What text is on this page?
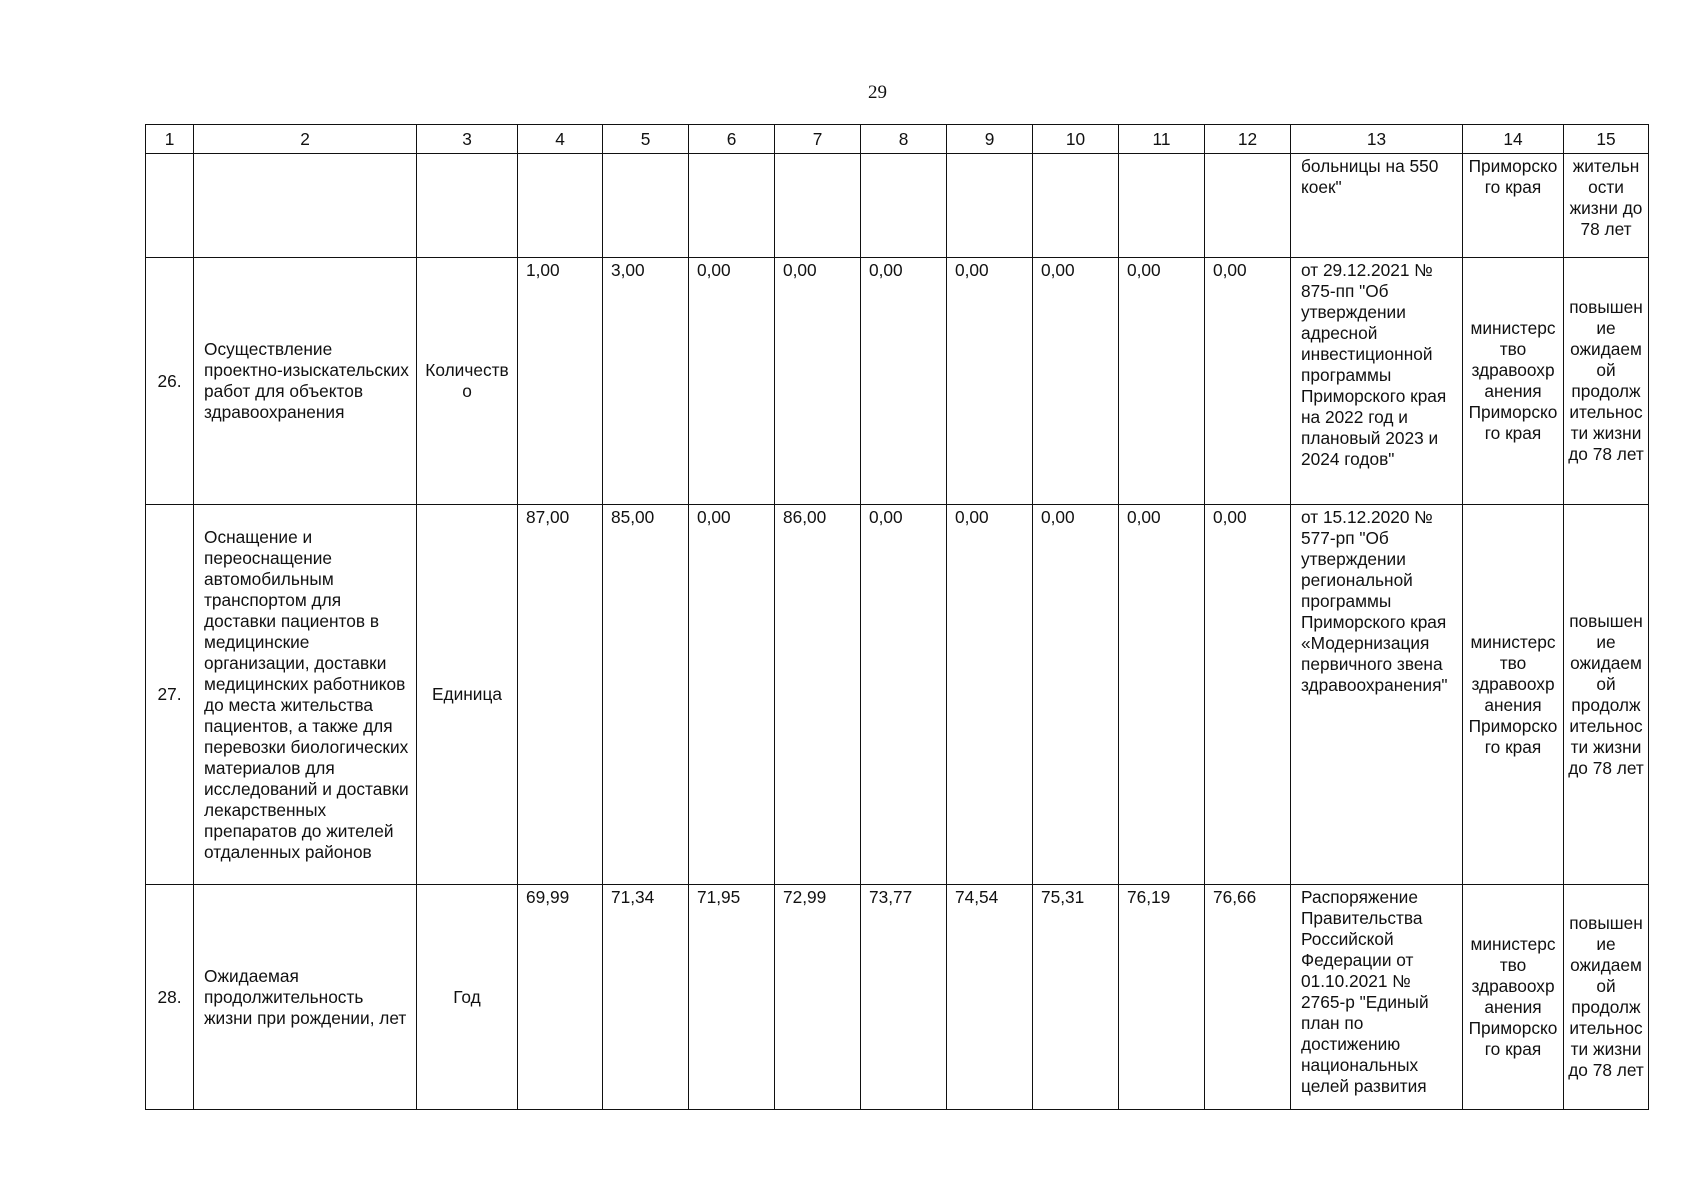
29
1	2	3	4	5	6	7	8	9	10	11	12	13	14	15
												больницы на 550 коек"	Приморского края	жительности жизни до 78 лет
26.	Осуществление проектно-изыскательских работ для объектов здравоохранения	Количество	1,00	3,00	0,00	0,00	0,00	0,00	0,00	0,00	0,00	от 29.12.2021 № 875-пп "Об утверждении адресной инвестиционной программы Приморского края на 2022 год и плановый 2023 и 2024 годов"	министерство здравоохранения Приморского края	повышение ожидаемой продолжительности жизни до 78 лет
27.	Оснащение и переоснащение автомобильным транспортом для доставки пациентов в медицинские организации, доставки медицинских работников до места жительства пациентов, а также для перевозки биологических материалов для исследований и доставки лекарственных препаратов до жителей отдаленных районов	Единица	87,00	85,00	0,00	86,00	0,00	0,00	0,00	0,00	0,00	от 15.12.2020 № 577-рп "Об утверждении региональной программы Приморского края «Модернизация первичного звена здравоохранения"	министерство здравоохранения Приморского края	повышение ожидаемой продолжительности жизни до 78 лет
28.	Ожидаемая продолжительность жизни при рождении, лет	Год	69,99	71,34	71,95	72,99	73,77	74,54	75,31	76,19	76,66	Распоряжение Правительства Российской Федерации от 01.10.2021 № 2765-р "Единый план по достижению национальных целей развития	министерство здравоохранения Приморского края	повышение ожидаемой продолжительности жизни до 78 лет
